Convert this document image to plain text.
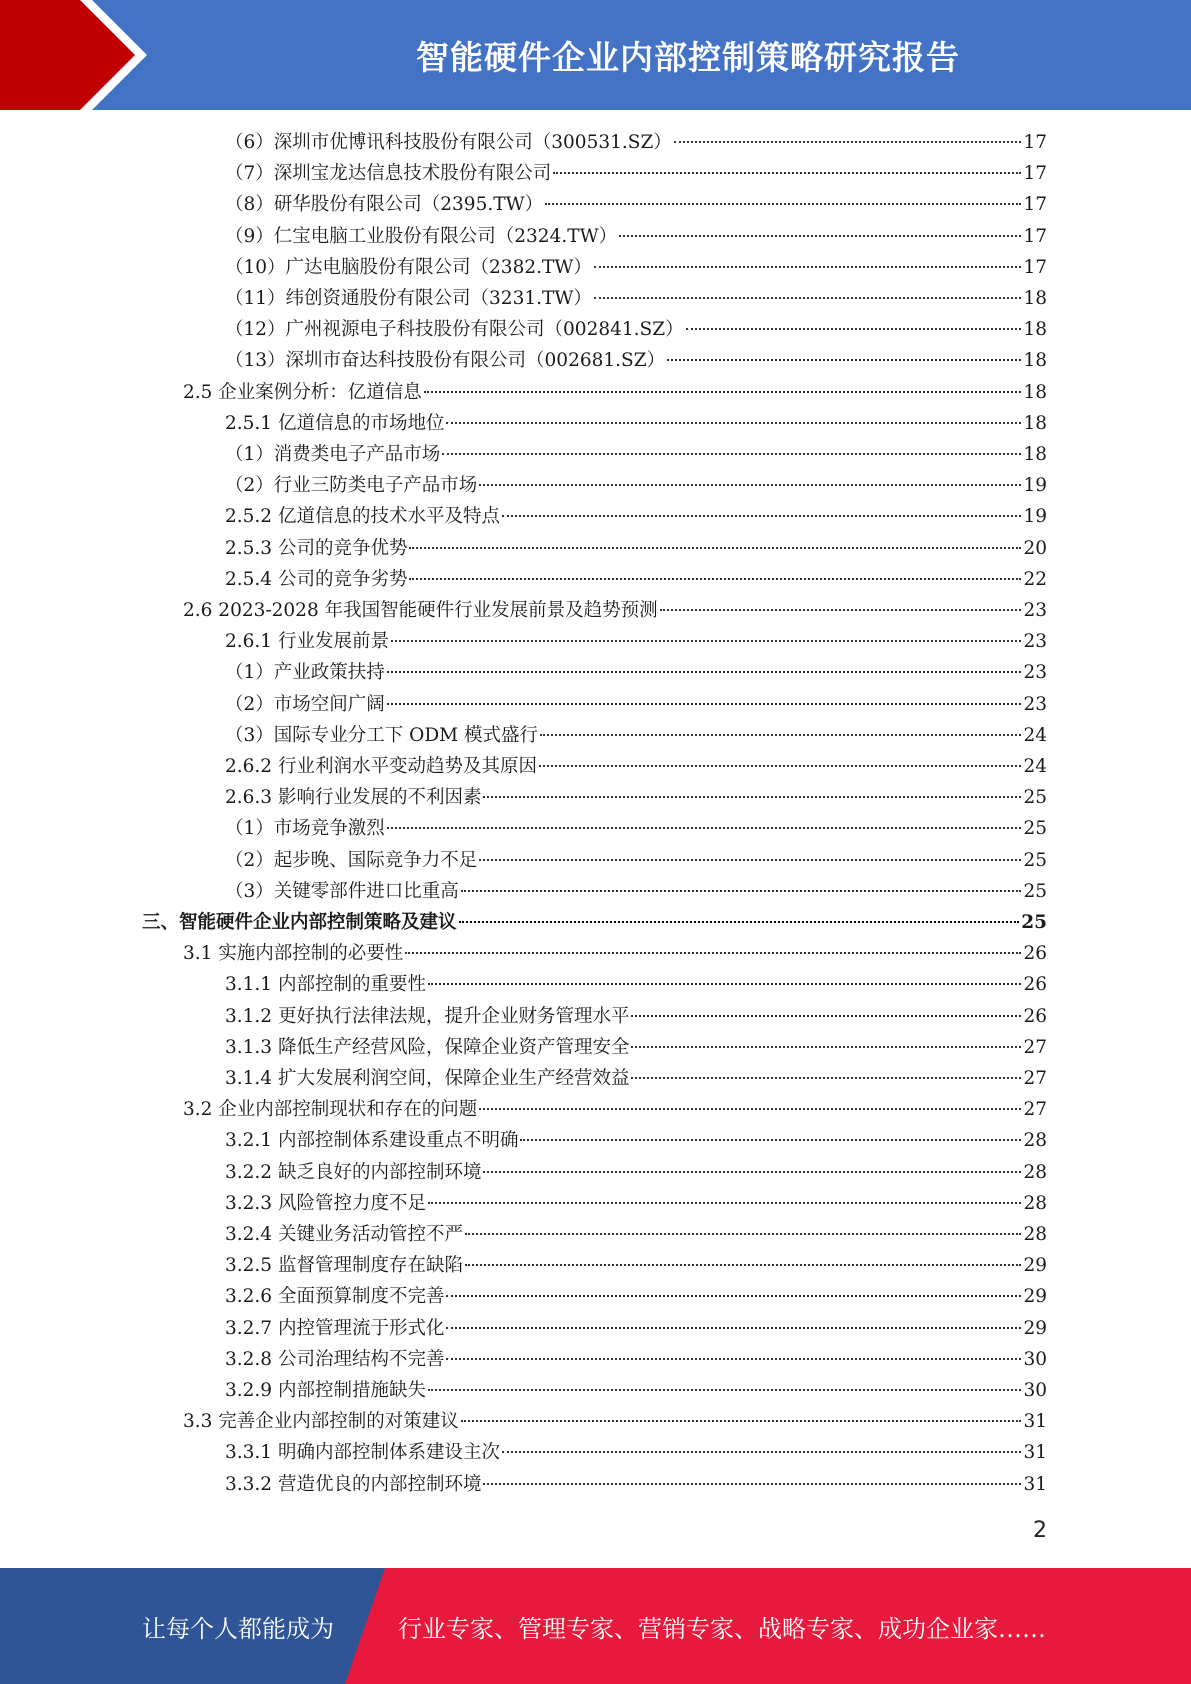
智能硬件企业内部控制策略研究报告
（6）深圳市优博讯科技股份有限公司（300531.SZ）	17
（7）深圳宝龙达信息技术股份有限公司	17
（8）研华股份有限公司（2395.TW）	17
（9）仁宝电脑工业股份有限公司（2324.TW）	17
（10）广达电脑股份有限公司（2382.TW）	17
（11）纬创资通股份有限公司（3231.TW）	18
（12）广州视源电子科技股份有限公司（002841.SZ）	18
（13）深圳市奋达科技股份有限公司（002681.SZ）	18
2.5 企业案例分析：亿道信息	18
2.5.1 亿道信息的市场地位	18
（1）消费类电子产品市场	18
（2）行业三防类电子产品市场	19
2.5.2 亿道信息的技术水平及特点	19
2.5.3 公司的竞争优势	20
2.5.4 公司的竞争劣势	22
2.6 2023-2028 年我国智能硬件行业发展前景及趋势预测	23
2.6.1 行业发展前景	23
（1）产业政策扶持	23
（2）市场空间广阔	23
（3）国际专业分工下 ODM 模式盛行	24
2.6.2 行业利润水平变动趋势及其原因	24
2.6.3 影响行业发展的不利因素	25
（1）市场竞争激烈	25
（2）起步晚、国际竞争力不足	25
（3）关键零部件进口比重高	25
三、智能硬件企业内部控制策略及建议	25
3.1 实施内部控制的必要性	26
3.1.1 内部控制的重要性	26
3.1.2 更好执行法律法规，提升企业财务管理水平	26
3.1.3 降低生产经营风险，保障企业资产管理安全	27
3.1.4 扩大发展利润空间，保障企业生产经营效益	27
3.2 企业内部控制现状和存在的问题	27
3.2.1 内部控制体系建设重点不明确	28
3.2.2 缺乏良好的内部控制环境	28
3.2.3 风险管控力度不足	28
3.2.4 关键业务活动管控不严	28
3.2.5 监督管理制度存在缺陷	29
3.2.6 全面预算制度不完善	29
3.2.7 内控管理流于形式化	29
3.2.8 公司治理结构不完善	30
3.2.9 内部控制措施缺失	30
3.3 完善企业内部控制的对策建议	31
3.3.1 明确内部控制体系建设主次	31
3.3.2 营造优良的内部控制环境	31
2
让每个人都能成为	行业专家、管理专家、营销专家、战略专家、成功企业家……
